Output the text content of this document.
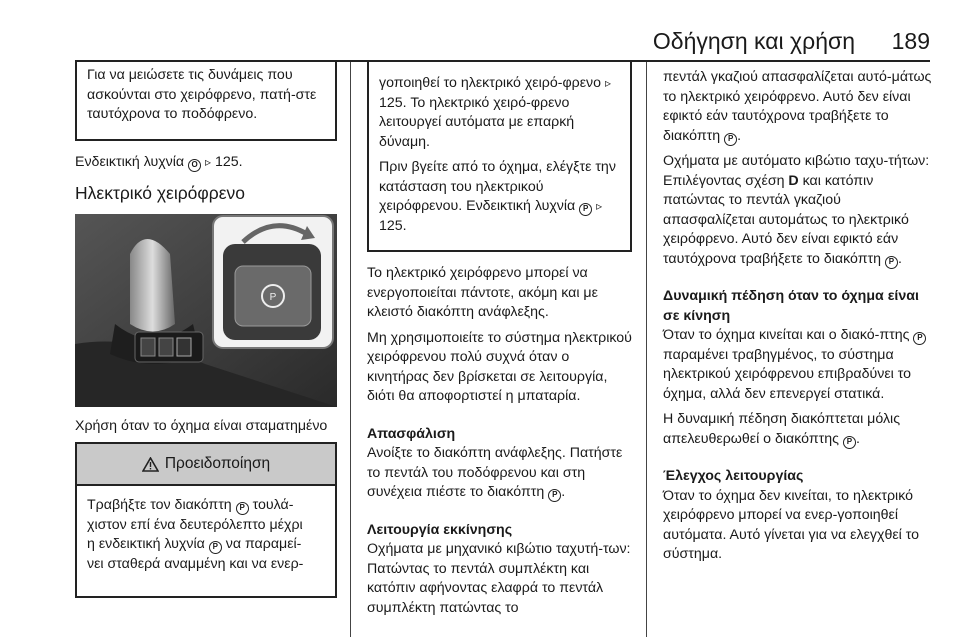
Οδήγηση και χρήση 189

Για να μειώσετε τις δυνάμεις που ασκούνται στο χειρόφρενο, πατή-στε ταυτόχρονα το ποδόφρενο.

Ενδεικτική λυχνία O ▹ 125.

Ηλεκτρικό χειρόφρενο
P

Χρήση όταν το όχημα είναι σταματημένο

Προειδοποίηση

Τραβήξτε τον διακόπτη P τουλά-

χιστον επί ένα δευτερόλεπτο μέχρι

η ενδεικτική λυχνία P να παραμεί-

νει σταθερά αναμμένη και να ενερ-

γοποιηθεί το ηλεκτρικό χειρό-φρενο ▹ 125. Το ηλεκτρικό χειρό-φρενο λειτουργεί αυτόματα με επαρκή δύναμη.

Πριν βγείτε από το όχημα, ελέγξτε την κατάσταση του ηλεκτρικού χειρόφρενου. Ενδεικτική λυχνία P ▹ 125.

Το ηλεκτρικό χειρόφρενο μπορεί να ενεργοποιείται πάντοτε, ακόμη και με κλειστό διακόπτη ανάφλεξης.

Μη χρησιμοποιείτε το σύστημα ηλεκτρικού χειρόφρενου πολύ συχνά όταν ο κινητήρας δεν βρίσκεται σε λειτουργία, διότι θα αποφορτιστεί η μπαταρία.

Απασφάλιση

Ανοίξτε το διακόπτη ανάφλεξης. Πατήστε το πεντάλ του ποδόφρενου και στη συνέχεια πιέστε το διακόπτη P .

Λειτουργία εκκίνησης

Οχήματα με μηχανικό κιβώτιο ταχυτή-των: Πατώντας το πεντάλ συμπλέκτη και κατόπιν αφήνοντας ελαφρά το πεντάλ συμπλέκτη πατώντας το

πεντάλ γκαζιού απασφαλίζεται αυτό-μάτως το ηλεκτρικό χειρόφρενο. Αυτό δεν είναι εφικτό εάν ταυτόχρονα τραβήξετε το διακόπτη P .

Οχήματα με αυτόματο κιβώτιο ταχυ-τήτων: Επιλέγοντας σχέση D και κατόπιν πατώντας το πεντάλ γκαζιού απασφαλίζεται αυτομάτως το ηλεκτρικό χειρόφρενο. Αυτό δεν είναι εφικτό εάν ταυτόχρονα τραβήξετε το διακόπτη P .

Δυναμική πέδηση όταν το όχημα είναι σε κίνηση

Όταν το όχημα κινείται και ο διακό-πτης P παραμένει τραβηγμένος, το σύστημα ηλεκτρικού χειρόφρενου επιβραδύνει το όχημα, αλλά δεν επενεργεί στατικά.

Η δυναμική πέδηση διακόπτεται μόλις απελευθερωθεί ο διακόπτης P .

Έλεγχος λειτουργίας

Όταν το όχημα δεν κινείται, το ηλεκτρικό χειρόφρενο μπορεί να ενερ-γοποιηθεί αυτόματα. Αυτό γίνεται για να ελεγχθεί το σύστημα.
